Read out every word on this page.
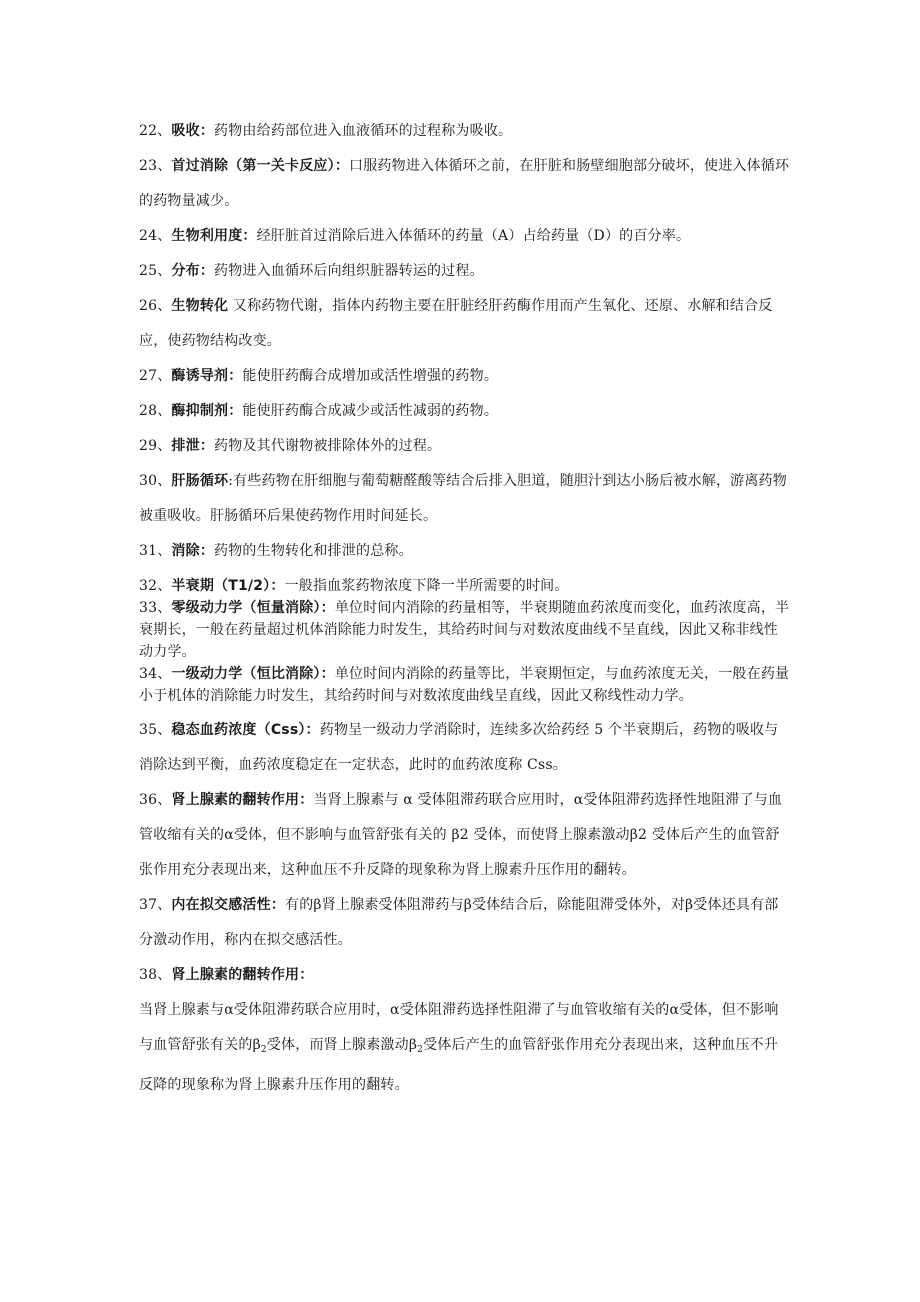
22、吸收：药物由给药部位进入血液循环的过程称为吸收。

23、首过消除（第一关卡反应）：口服药物进入体循环之前，在肝脏和肠壁细胞部分破坏，使进入体循环的药物量减少。

24、生物利用度：经肝脏首过消除后进入体循环的药量（A）占给药量（D）的百分率。

25、分布：药物进入血循环后向组织脏器转运的过程。

26、生物转化 又称药物代谢，指体内药物主要在肝脏经肝药酶作用而产生氧化、还原、水解和结合反应，使药物结构改变。

27、酶诱导剂：能使肝药酶合成增加或活性增强的药物。

28、酶抑制剂：能使肝药酶合成减少或活性减弱的药物。

29、排泄：药物及其代谢物被排除体外的过程。

30、肝肠循环:有些药物在肝细胞与葡萄糖醛酸等结合后排入胆道，随胆汁到达小肠后被水解，游离药物被重吸收。肝肠循环后果使药物作用时间延长。

31、消除：药物的生物转化和排泄的总称。

32、半衰期（T1/2）：一般指血浆药物浓度下降一半所需要的时间。

33、零级动力学（恒量消除）：单位时间内消除的药量相等，半衰期随血药浓度而变化，血药浓度高，半衰期长，一般在药量超过机体消除能力时发生，其给药时间与对数浓度曲线不呈直线，因此又称非线性动力学。

34、一级动力学（恒比消除）：单位时间内消除的药量等比，半衰期恒定，与血药浓度无关，一般在药量小于机体的消除能力时发生，其给药时间与对数浓度曲线呈直线，因此又称线性动力学。

35、稳态血药浓度（Css）：药物呈一级动力学消除时，连续多次给药经 5 个半衰期后，药物的吸收与消除达到平衡，血药浓度稳定在一定状态，此时的血药浓度称 Css。

36、肾上腺素的翻转作用：当肾上腺素与 α 受体阻滞药联合应用时，α受体阻滞药选择性地阻滞了与血管收缩有关的α受体，但不影响与血管舒张有关的 β2 受体，而使肾上腺素激动β2 受体后产生的血管舒张作用充分表现出来，这种血压不升反降的现象称为肾上腺素升压作用的翻转。

37、内在拟交感活性：有的β肾上腺素受体阻滞药与β受体结合后，除能阻滞受体外，对β受体还具有部分激动作用，称内在拟交感活性。

38、肾上腺素的翻转作用：

当肾上腺素与α受体阻滞药联合应用时，α受体阻滞药选择性阻滞了与血管收缩有关的α受体，但不影响与血管舒张有关的$\beta_2$受体，而肾上腺素激动$\beta_2$受体后产生的血管舒张作用充分表现出来，这种血压不升反降的现象称为肾上腺素升压作用的翻转。
